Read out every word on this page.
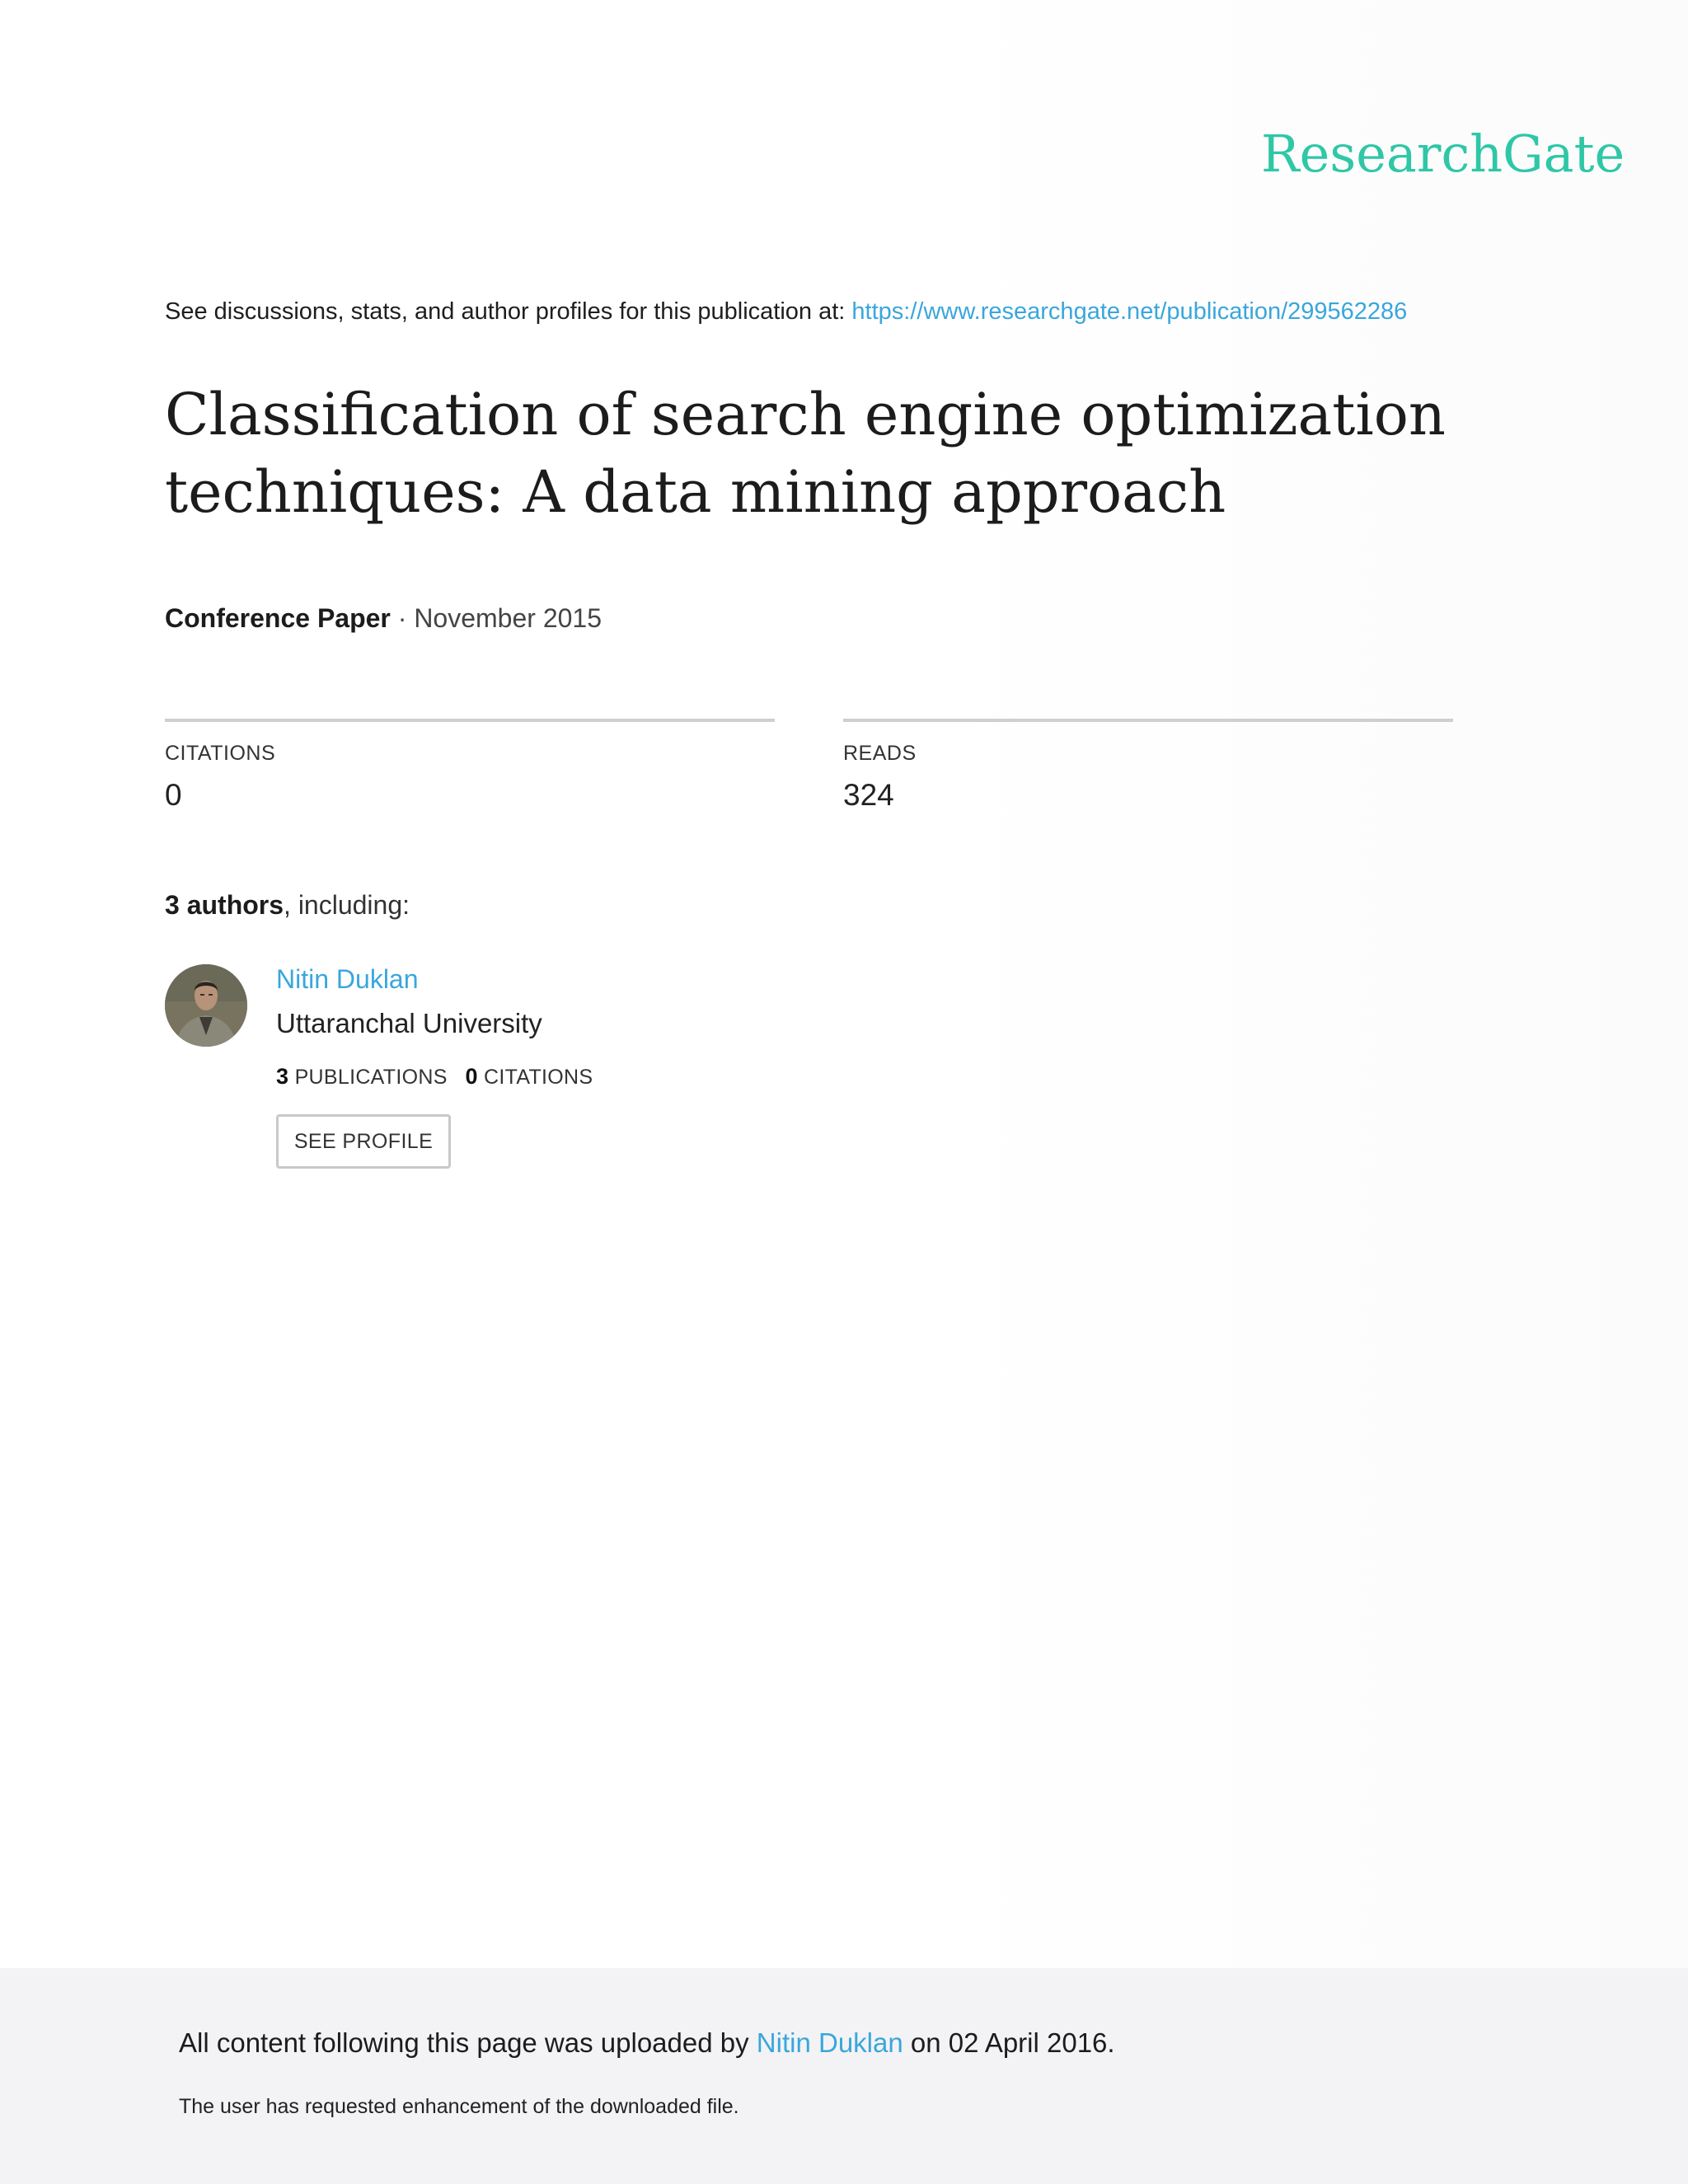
ResearchGate
See discussions, stats, and author profiles for this publication at: https://www.researchgate.net/publication/299562286
Classification of search engine optimization techniques: A data mining approach
Conference Paper · November 2015
CITATIONS
0
READS
324
3 authors, including:
Nitin Duklan
Uttaranchal University
3 PUBLICATIONS 0 CITATIONS
SEE PROFILE
All content following this page was uploaded by Nitin Duklan on 02 April 2016.
The user has requested enhancement of the downloaded file.
